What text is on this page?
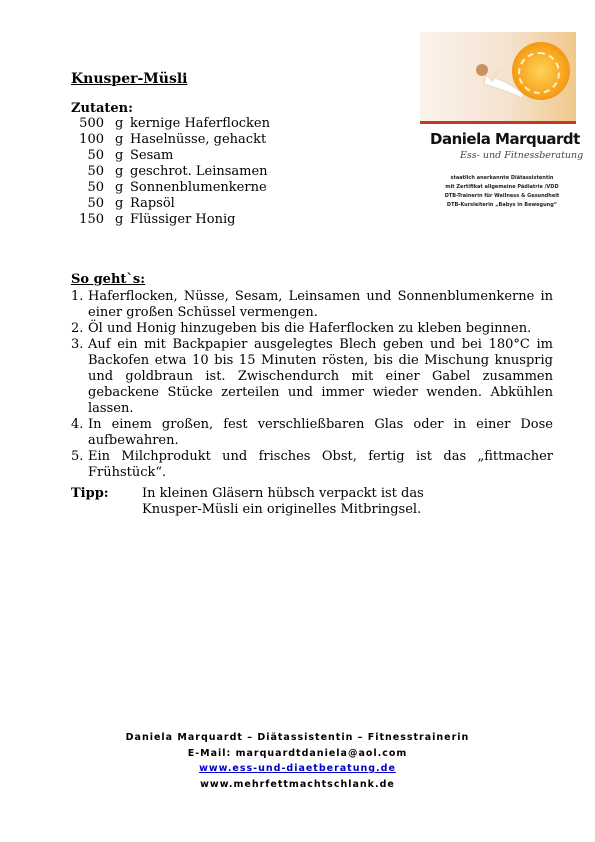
Knusper-Müsli
Zutaten:
500 g kernige Haferflocken
100 g Haselnüsse, gehackt
50 g Sesam
50 g geschrot. Leinsamen
50 g Sonnenblumenkerne
50 g Rapsöl
150 g Flüssiger Honig
So geht`s:
1. Haferflocken, Nüsse, Sesam, Leinsamen und Sonnenblumenkerne in einer großen Schüssel vermengen.
2. Öl und Honig hinzugeben bis die Haferflocken zu kleben beginnen.
3. Auf ein mit Backpapier ausgelegtes Blech geben und bei 180°C im Backofen etwa 10 bis 15 Minuten rösten, bis die Mischung knusprig und goldbraun ist. Zwischendurch mit einer Gabel zusammen gebackene Stücke zerteilen und immer wieder wenden. Abkühlen lassen.
4. In einem großen, fest verschließbaren Glas oder in einer Dose aufbewahren.
5. Ein Milchprodukt und frisches Obst, fertig ist das „fittmacher Frühstück“.
Tipp:	In kleinen Gläsern hübsch verpackt ist das Knusper-Müsli ein originelles Mitbringsel.
Daniela Marquardt
Ess- und Fitnessberatung
staatlich anerkannte Diätassistentin
mit Zertifikat allgemeine Pädiatrie /VDD
DTB-Trainerin für Wellness & Gesundheit
DTB-Kursleiterin „Babys in Bewegung“
Daniela Marquardt – Diätassistentin – Fitnesstrainerin
E-Mail: marquardtdaniela@aol.com
www.ess-und-diaetberatung.de
www.mehrfettmachtschlank.de
